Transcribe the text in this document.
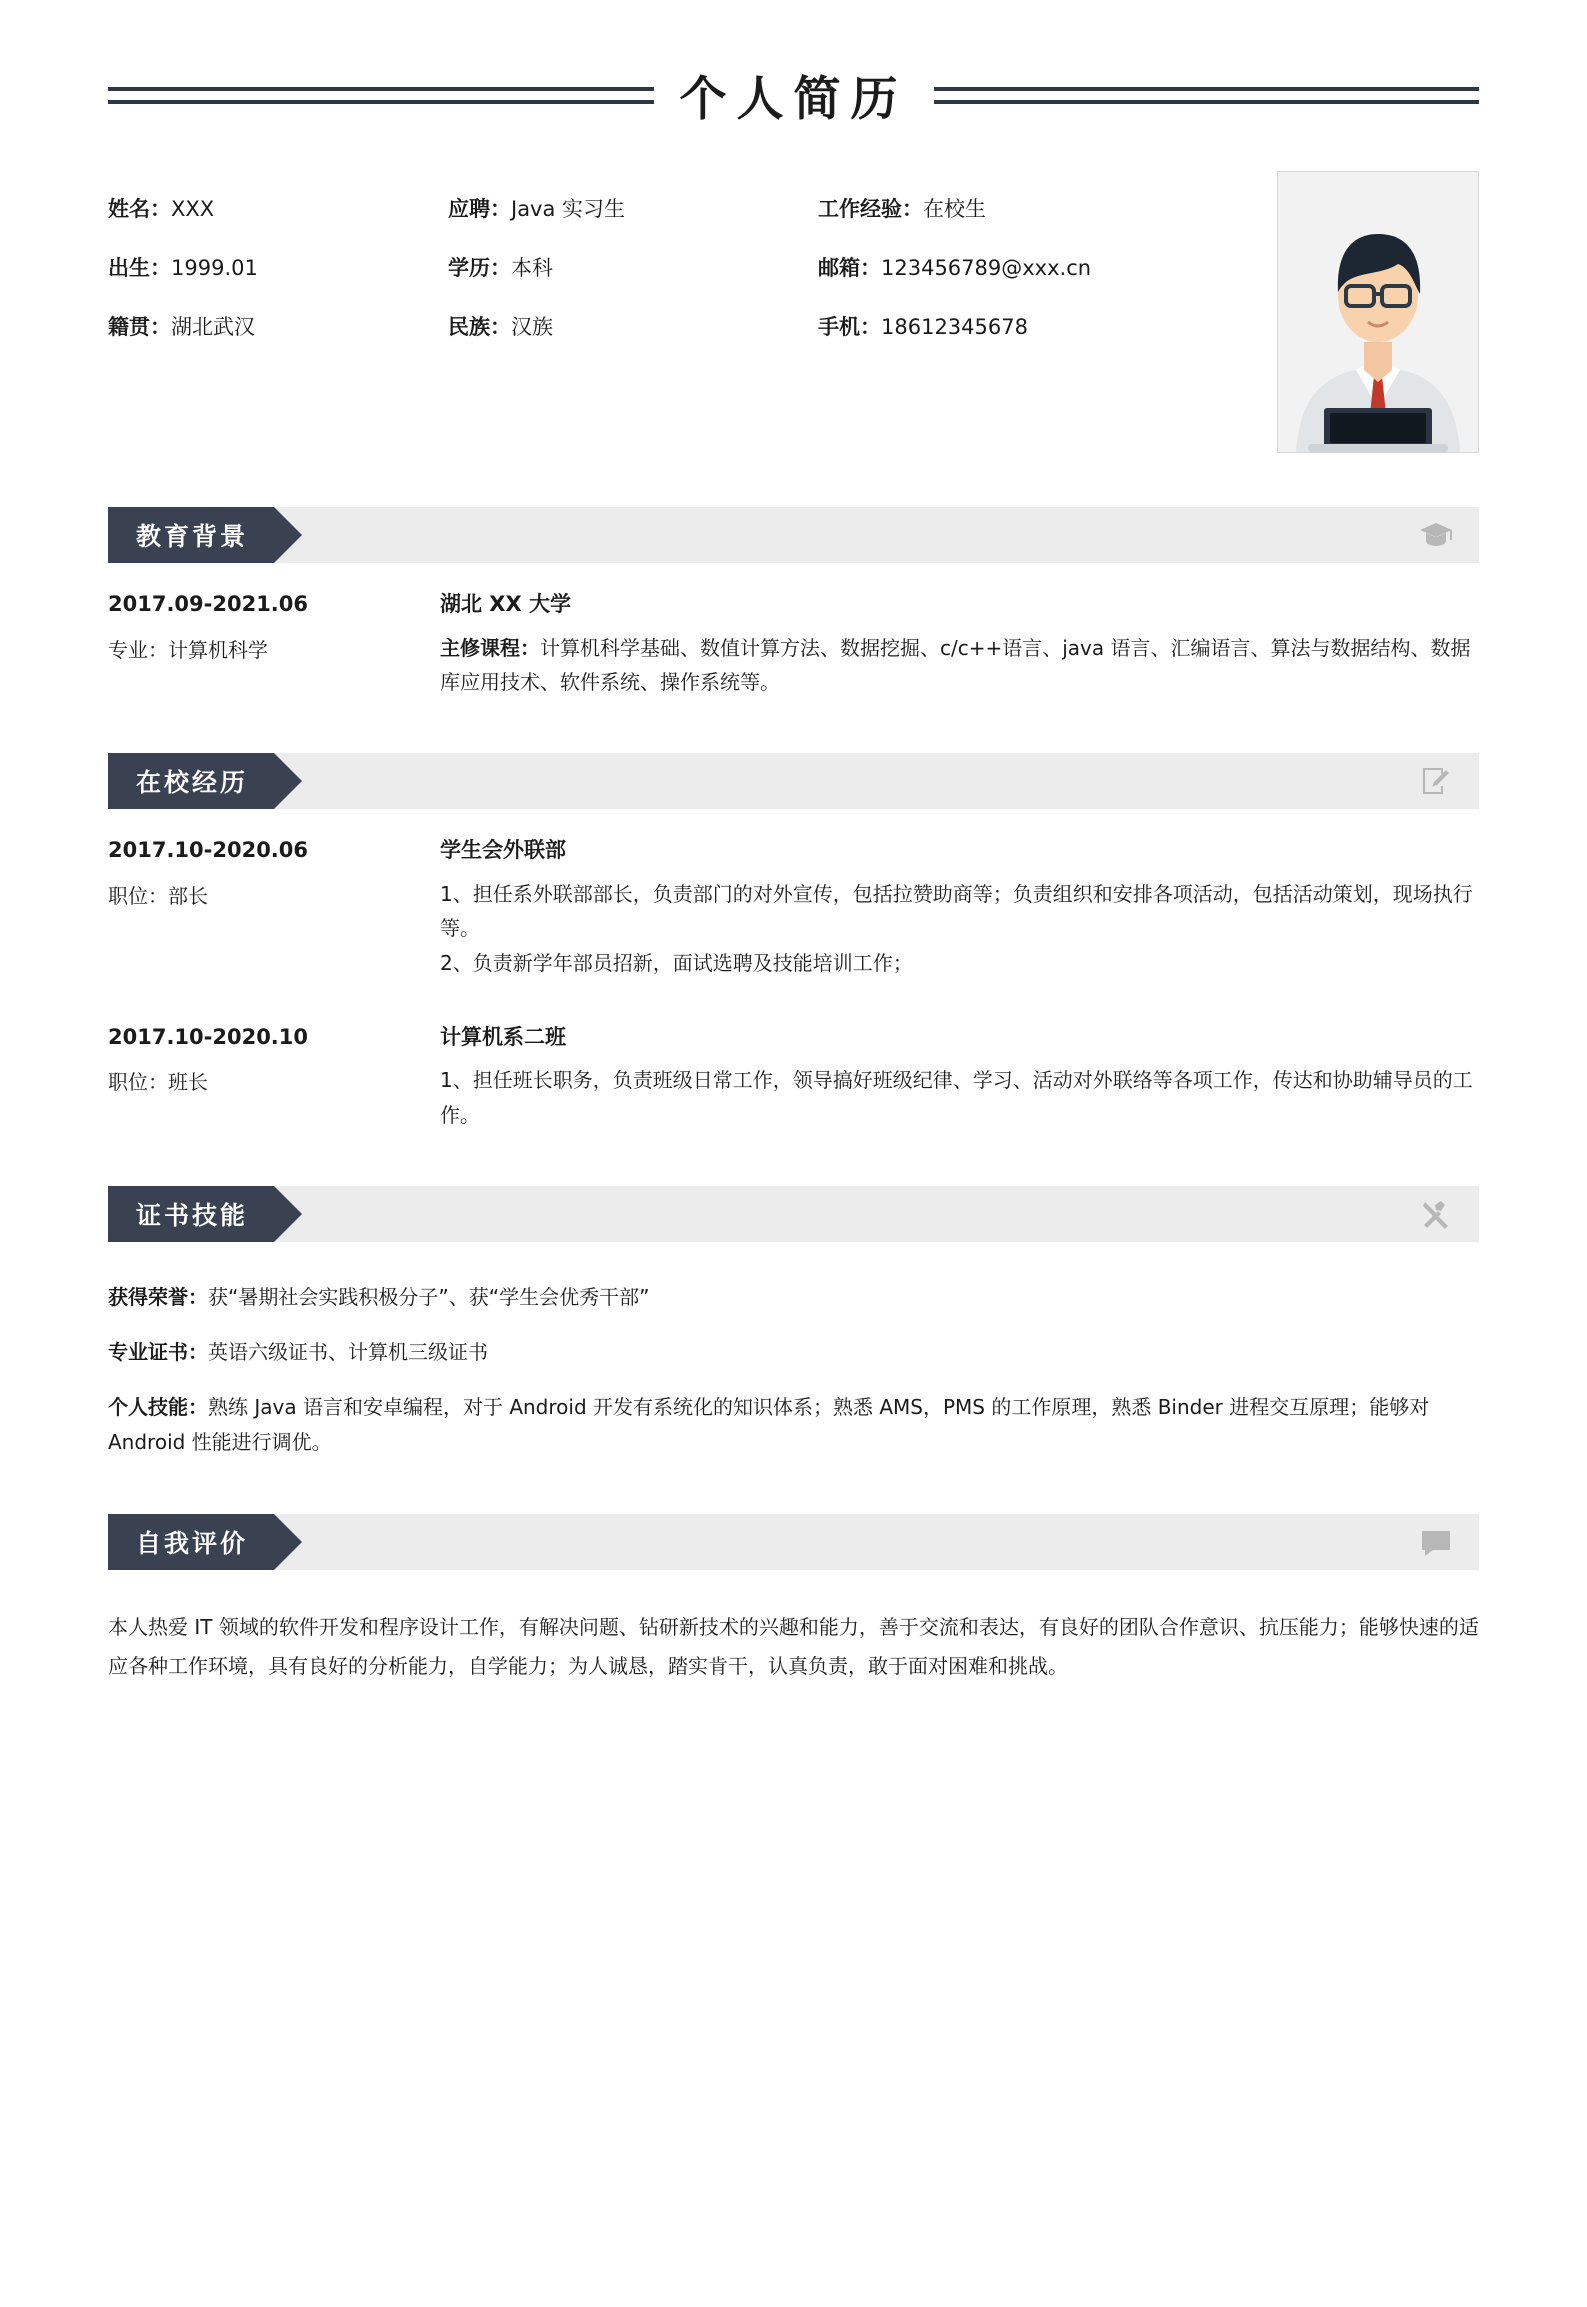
个人简历
姓名：XXX	应聘：Java 实习生	工作经验：在校生
出生：1999.01	学历：本科	邮箱：123456789@xxx.cn
籍贯：湖北武汉	民族：汉族	手机：18612345678
教育背景
2017.09-2021.06
专业：计算机科学
湖北 XX 大学

主修课程：计算机科学基础、数值计算方法、数据挖掘、c/c++语言、java 语言、汇编语言、算法与数据结构、数据库应用技术、软件系统、操作系统等。

在校经历
2017.10-2020.06
职位：部长
学生会外联部

1、担任系外联部部长，负责部门的对外宣传，包括拉赞助商等；负责组织和安排各项活动，包括活动策划，现场执行等。

2、负责新学年部员招新，面试选聘及技能培训工作；

2017.10-2020.10
职位：班长
计算机系二班

1、担任班长职务，负责班级日常工作，领导搞好班级纪律、学习、活动对外联络等各项工作，传达和协助辅导员的工作。

证书技能
获得荣誉：获“暑期社会实践积极分子”、获“学生会优秀干部”
专业证书：英语六级证书、计算机三级证书
个人技能：熟练 Java 语言和安卓编程，对于 Android 开发有系统化的知识体系；熟悉 AMS，PMS 的工作原理，熟悉 Binder 进程交互原理；能够对 Android 性能进行调优。
自我评价
本人热爱 IT 领域的软件开发和程序设计工作，有解决问题、钻研新技术的兴趣和能力，善于交流和表达，有良好的团队合作意识、抗压能力；能够快速的适应各种工作环境，具有良好的分析能力，自学能力；为人诚恳，踏实肯干，认真负责，敢于面对困难和挑战。
